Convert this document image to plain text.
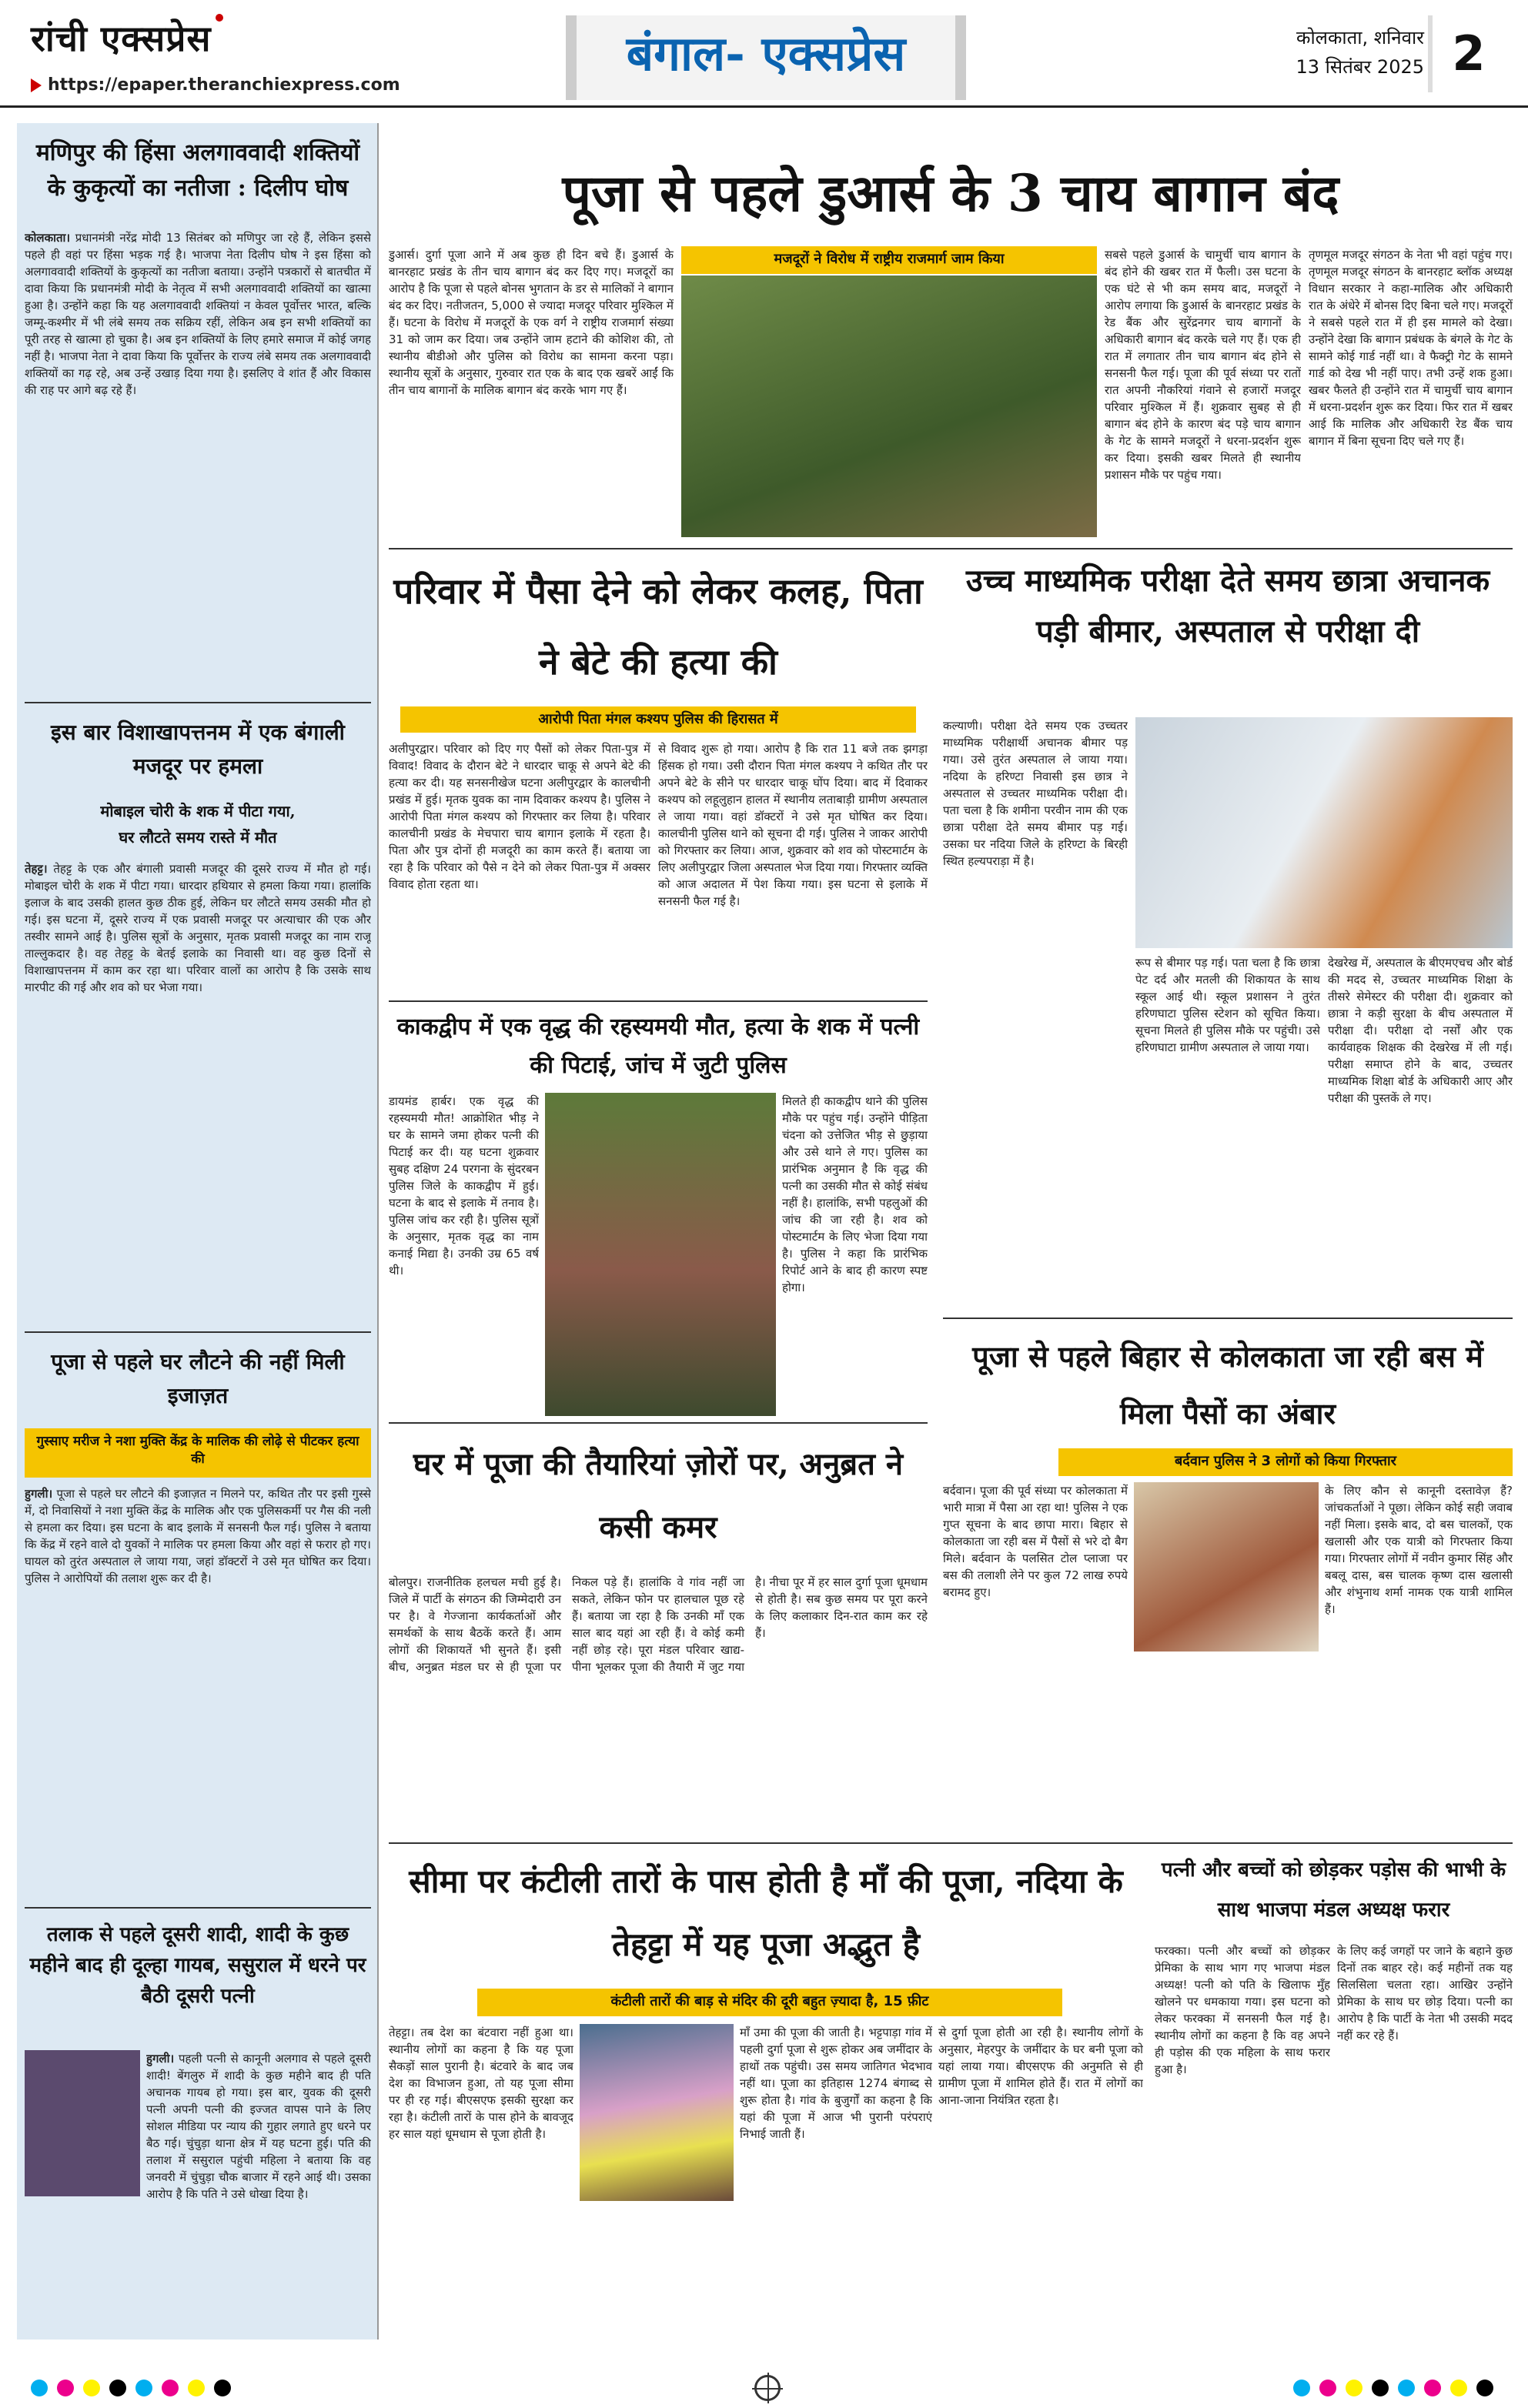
रांची एक्सप्रेस
https://epaper.theranchiexpress.com
बंगाल- एक्सप्रेस	कोलकाता, शनिवार
13 सितंबर 2025 2
मणिपुर की हिंसा अलगाववादी शक्तियों के कुकृत्यों का नतीजा : दिलीप घोष
कोलकाता। प्रधानमंत्री नरेंद्र मोदी 13 सितंबर को मणिपुर जा रहे हैं, लेकिन इससे पहले ही वहां पर हिंसा भड़क गई है। भाजपा नेता दिलीप घोष ने इस हिंसा को अलगाववादी शक्तियों के कुकृत्यों का नतीजा बताया। उन्होंने पत्रकारों से बातचीत में दावा किया कि प्रधानमंत्री मोदी के नेतृत्व में सभी अलगाववादी शक्तियों का खात्मा हुआ है। उन्होंने कहा कि यह अलगाववादी शक्तियां न केवल पूर्वोत्तर भारत, बल्कि जम्मू-कश्मीर में भी लंबे समय तक सक्रिय रहीं, लेकिन अब इन सभी शक्तियों का पूरी तरह से खात्मा हो चुका है। अब इन शक्तियों के लिए हमारे समाज में कोई जगह नहीं है। भाजपा नेता ने दावा किया कि पूर्वोत्तर के राज्य लंबे समय तक अलगाववादी शक्तियों का गढ़ रहे, अब उन्हें उखाड़ दिया गया है। इसलिए वे शांत हैं और विकास की राह पर आगे बढ़ रहे हैं।
इस बार विशाखापत्तनम में एक बंगाली मजदूर पर हमला
मोबाइल चोरी के शक में पीटा गया,
घर लौटते समय रास्ते में मौत
तेहट्ट। तेहट्ट के एक और बंगाली प्रवासी मजदूर की दूसरे राज्य में मौत हो गई। मोबाइल चोरी के शक में पीटा गया। धारदार हथियार से हमला किया गया। हालांकि इलाज के बाद उसकी हालत कुछ ठीक हुई, लेकिन घर लौटते समय उसकी मौत हो गई। इस घटना में, दूसरे राज्य में एक प्रवासी मजदूर पर अत्याचार की एक और तस्वीर सामने आई है। पुलिस सूत्रों के अनुसार, मृतक प्रवासी मजदूर का नाम राजू ताल्लुकदार है। वह तेहट्ट के बेतई इलाके का निवासी था। वह कुछ दिनों से विशाखापत्तनम में काम कर रहा था। परिवार वालों का आरोप है कि उसके साथ मारपीट की गई और शव को घर भेजा गया।
पूजा से पहले घर लौटने की नहीं मिली इजाज़त
गुस्साए मरीज ने नशा मुक्ति केंद्र के मालिक की लोढ़े से पीटकर हत्या की
हुगली। पूजा से पहले घर लौटने की इजाज़त न मिलने पर, कथित तौर पर इसी गुस्से में, दो निवासियों ने नशा मुक्ति केंद्र के मालिक और एक पुलिसकर्मी पर गैस की नली से हमला कर दिया। इस घटना के बाद इलाके में सनसनी फैल गई। पुलिस ने बताया कि केंद्र में रहने वाले दो युवकों ने मालिक पर हमला किया और वहां से फरार हो गए। घायल को तुरंत अस्पताल ले जाया गया, जहां डॉक्टरों ने उसे मृत घोषित कर दिया। पुलिस ने आरोपियों की तलाश शुरू कर दी है।
तलाक से पहले दूसरी शादी, शादी के कुछ महीने बाद ही दूल्हा गायब, ससुराल में धरने पर बैठी दूसरी पत्नी
हुगली। पहली पत्नी से कानूनी अलगाव से पहले दूसरी शादी! बेंगलुरु में शादी के कुछ महीने बाद ही पति अचानक गायब हो गया। इस बार, युवक की दूसरी पत्नी अपनी पत्नी की इज्जत वापस पाने के लिए सोशल मीडिया पर न्याय की गुहार लगाते हुए धरने पर बैठ गई। चुंचुड़ा थाना क्षेत्र में यह घटना हुई। पति की तलाश में ससुराल पहुंची महिला ने बताया कि वह जनवरी में चुंचुड़ा चौक बाजार में रहने आई थी। उसका आरोप है कि पति ने उसे धोखा दिया है।
पूजा से पहले डुआर्स के 3 चाय बागान बंद
मजदूरों ने विरोध में राष्ट्रीय राजमार्ग जाम किया
डुआर्स। दुर्गा पूजा आने में अब कुछ ही दिन बचे हैं। डुआर्स के बानरहाट प्रखंड के तीन चाय बागान बंद कर दिए गए। मजदूरों का आरोप है कि पूजा से पहले बोनस भुगतान के डर से मालिकों ने बागान बंद कर दिए। नतीजतन, 5,000 से ज्यादा मजदूर परिवार मुश्किल में हैं। घटना के विरोध में मजदूरों के एक वर्ग ने राष्ट्रीय राजमार्ग संख्या 31 को जाम कर दिया। जब उन्होंने जाम हटाने की कोशिश की, तो स्थानीय बीडीओ और पुलिस को विरोध का सामना करना पड़ा। स्थानीय सूत्रों के अनुसार, गुरुवार रात एक के बाद एक खबरें आईं कि तीन चाय बागानों के मालिक बागान बंद करके भाग गए हैं।
सबसे पहले डुआर्स के चामुर्ची चाय बागान के बंद होने की खबर रात में फैली। उस घटना के एक घंटे से भी कम समय बाद, मजदूरों ने आरोप लगाया कि डुआर्स के बानरहाट प्रखंड के रेड बैंक और सुरेंद्रनगर चाय बागानों के अधिकारी बागान बंद करके चले गए हैं। एक ही रात में लगातार तीन चाय बागान बंद होने से सनसनी फैल गई। पूजा की पूर्व संध्या पर रातों रात अपनी नौकरियां गंवाने से हजारों मजदूर परिवार मुश्किल में हैं। शुक्रवार सुबह से ही बागान बंद होने के कारण बंद पड़े चाय बागान के गेट के सामने मजदूरों ने धरना-प्रदर्शन शुरू कर दिया। इसकी खबर मिलते ही स्थानीय प्रशासन मौके पर पहुंच गया।
तृणमूल मजदूर संगठन के नेता भी वहां पहुंच गए। तृणमूल मजदूर संगठन के बानरहाट ब्लॉक अध्यक्ष विधान सरकार ने कहा-मालिक और अधिकारी रात के अंधेरे में बोनस दिए बिना चले गए। मजदूरों ने सबसे पहले रात में ही इस मामले को देखा। उन्होंने देखा कि बागान प्रबंधक के बंगले के गेट के सामने कोई गार्ड नहीं था। वे फैक्ट्री गेट के सामने गार्ड को देख भी नहीं पाए। तभी उन्हें शक हुआ। खबर फैलते ही उन्होंने रात में चामुर्ची चाय बागान में धरना-प्रदर्शन शुरू कर दिया। फिर रात में खबर आई कि मालिक और अधिकारी रेड बैंक चाय बागान में बिना सूचना दिए चले गए हैं।
परिवार में पैसा देने को लेकर कलह, पिता ने बेटे की हत्या की
आरोपी पिता मंगल कश्यप पुलिस की हिरासत में
अलीपुरद्वार। परिवार को दिए गए पैसों को लेकर पिता-पुत्र में विवाद! विवाद के दौरान बेटे ने धारदार चाकू से अपने बेटे की हत्या कर दी। यह सनसनीखेज घटना अलीपुरद्वार के कालचीनी प्रखंड में हुई। मृतक युवक का नाम दिवाकर कश्यप है। पुलिस ने आरोपी पिता मंगल कश्यप को गिरफ्तार कर लिया है। परिवार कालचीनी प्रखंड के मेचपारा चाय बागान इलाके में रहता है। पिता और पुत्र दोनों ही मजदूरी का काम करते हैं। बताया जा रहा है कि परिवार को पैसे न देने को लेकर पिता-पुत्र में अक्सर विवाद होता रहता था।
से विवाद शुरू हो गया। आरोप है कि रात 11 बजे तक झगड़ा हिंसक हो गया। उसी दौरान पिता मंगल कश्यप ने कथित तौर पर अपने बेटे के सीने पर धारदार चाकू घोंप दिया। बाद में दिवाकर कश्यप को लहूलुहान हालत में स्थानीय लताबाड़ी ग्रामीण अस्पताल ले जाया गया। वहां डॉक्टरों ने उसे मृत घोषित कर दिया। कालचीनी पुलिस थाने को सूचना दी गई। पुलिस ने जाकर आरोपी को गिरफ्तार कर लिया। आज, शुक्रवार को शव को पोस्टमार्टम के लिए अलीपुरद्वार जिला अस्पताल भेज दिया गया। गिरफ्तार व्यक्ति को आज अदालत में पेश किया गया। इस घटना से इलाके में सनसनी फैल गई है।
काकद्वीप में एक वृद्ध की रहस्यमयी मौत, हत्या के शक में पत्नी की पिटाई, जांच में जुटी पुलिस
डायमंड हार्बर। एक वृद्ध की रहस्यमयी मौत! आक्रोशित भीड़ ने घर के सामने जमा होकर पत्नी की पिटाई कर दी। यह घटना शुक्रवार सुबह दक्षिण 24 परगना के सुंदरबन पुलिस जिले के काकद्वीप में हुई। घटना के बाद से इलाके में तनाव है। पुलिस जांच कर रही है। पुलिस सूत्रों के अनुसार, मृतक वृद्ध का नाम कनाई मिद्या है। उनकी उम्र 65 वर्ष थी।
मिलते ही काकद्वीप थाने की पुलिस मौके पर पहुंच गई। उन्होंने पीड़िता चंदना को उत्तेजित भीड़ से छुड़ाया और उसे थाने ले गए। पुलिस का प्रारंभिक अनुमान है कि वृद्ध की पत्नी का उसकी मौत से कोई संबंध नहीं है। हालांकि, सभी पहलुओं की जांच की जा रही है। शव को पोस्टमार्टम के लिए भेजा दिया गया है। पुलिस ने कहा कि प्रारंभिक रिपोर्ट आने के बाद ही कारण स्पष्ट होगा।
उच्च माध्यमिक परीक्षा देते समय छात्रा अचानक पड़ी बीमार, अस्पताल से परीक्षा दी
कल्याणी। परीक्षा देते समय एक उच्चतर माध्यमिक परीक्षार्थी अचानक बीमार पड़ गया। उसे तुरंत अस्पताल ले जाया गया। नदिया के हरिण्टा निवासी इस छात्र ने अस्पताल से उच्चतर माध्यमिक परीक्षा दी। पता चला है कि शमीना परवीन नाम की एक छात्रा परीक्षा देते समय बीमार पड़ गई। उसका घर नदिया जिले के हरिण्टा के बिरही स्थित हल्यपराड़ा में है।
रूप से बीमार पड़ गई। पता चला है कि छात्रा पेट दर्द और मतली की शिकायत के साथ स्कूल आई थी। स्कूल प्रशासन ने तुरंत हरिणघाटा पुलिस स्टेशन को सूचित किया। सूचना मिलते ही पुलिस मौके पर पहुंची। उसे हरिणघाटा ग्रामीण अस्पताल ले जाया गया।
देखरेख में, अस्पताल के बीएमएचच और बोर्ड की मदद से, उच्चतर माध्यमिक शिक्षा के तीसरे सेमेस्टर की परीक्षा दी। शुक्रवार को छात्रा ने कड़ी सुरक्षा के बीच अस्पताल में परीक्षा दी। परीक्षा दो नर्सों और एक कार्यवाहक शिक्षक की देखरेख में ली गई। परीक्षा समाप्त होने के बाद, उच्चतर माध्यमिक शिक्षा बोर्ड के अधिकारी आए और परीक्षा की पुस्तकें ले गए।
घर में पूजा की तैयारियां ज़ोरों पर, अनुब्रत ने कसी कमर
बोलपुर। राजनीतिक हलचल मची हुई है। जिले में पार्टी के संगठन की जिम्मेदारी उन पर है। वे गेज्जाना कार्यकर्ताओं और समर्थकों के साथ बैठकें करते हैं। आम लोगों की शिकायतें भी सुनते हैं। इसी बीच, अनुब्रत मंडल घर से ही पूजा पर निकल पड़े हैं। हालांकि वे गांव नहीं जा सकते, लेकिन फोन पर हालचाल पूछ रहे हैं। बताया जा रहा है कि उनकी माँ एक साल बाद यहां आ रही हैं। वे कोई कमी नहीं छोड़ रहे। पूरा मंडल परिवार खाद्य-पीना भूलकर पूजा की तैयारी में जुट गया है। नीचा पूर में हर साल दुर्गा पूजा धूमधाम से होती है। सब कुछ समय पर पूरा करने के लिए कलाकार दिन-रात काम कर रहे हैं।
पूजा से पहले बिहार से कोलकाता जा रही बस में मिला पैसों का अंबार
बर्दवान पुलिस ने 3 लोगों को किया गिरफ्तार
बर्दवान। पूजा की पूर्व संध्या पर कोलकाता में भारी मात्रा में पैसा आ रहा था! पुलिस ने एक गुप्त सूचना के बाद छापा मारा। बिहार से कोलकाता जा रही बस में पैसों से भरे दो बैग मिले। बर्दवान के पलसित टोल प्लाजा पर बस की तलाशी लेने पर कुल 72 लाख रुपये बरामद हुए।
के लिए कौन से कानूनी दस्तावेज़ हैं? जांचकर्ताओं ने पूछा। लेकिन कोई सही जवाब नहीं मिला। इसके बाद, दो बस चालकों, एक खलासी और एक यात्री को गिरफ्तार किया गया। गिरफ्तार लोगों में नवीन कुमार सिंह और बबलू दास, बस चालक कृष्ण दास खलासी और शंभुनाथ शर्मा नामक एक यात्री शामिल हैं।
सीमा पर कंटीली तारों के पास होती है माँ की पूजा, नदिया के तेहट्टा में यह पूजा अद्भुत है
कंटीली तारों की बाड़ से मंदिर की दूरी बहुत ज़्यादा है, 15 फ़ीट
तेहट्टा। तब देश का बंटवारा नहीं हुआ था। स्थानीय लोगों का कहना है कि यह पूजा सैकड़ों साल पुरानी है। बंटवारे के बाद जब देश का विभाजन हुआ, तो यह पूजा सीमा पर ही रह गई। बीएसएफ इसकी सुरक्षा कर रहा है। कंटीली तारों के पास होने के बावजूद हर साल यहां धूमधाम से पूजा होती है।
माँ उमा की पूजा की जाती है। भट्टपाड़ा गांव में पहली दुर्गा पूजा से शुरू होकर अब जमींदार के हाथों तक पहुंची। उस समय जातिगत भेदभाव नहीं था। पूजा का इतिहास 1274 बंगाब्द से शुरू होता है। गांव के बुजुर्गों का कहना है कि यहां की पूजा में आज भी पुरानी परंपराएं निभाई जाती हैं।
से दुर्गा पूजा होती आ रही है। स्थानीय लोगों के अनुसार, मेहरपुर के जमींदार के घर बनी पूजा को यहां लाया गया। बीएसएफ की अनुमति से ही ग्रामीण पूजा में शामिल होते हैं। रात में लोगों का आना-जाना नियंत्रित रहता है।
पत्नी और बच्चों को छोड़कर पड़ोस की भाभी के साथ भाजपा मंडल अध्यक्ष फरार
फरक्का। पत्नी और बच्चों को छोड़कर प्रेमिका के साथ भाग गए भाजपा मंडल अध्यक्ष! पत्नी को पति के खिलाफ मुँह खोलने पर धमकाया गया। इस घटना को लेकर फरक्का में सनसनी फैल गई है। स्थानीय लोगों का कहना है कि वह अपने ही पड़ोस की एक महिला के साथ फरार हुआ है।
के लिए कई जगहों पर जाने के बहाने कुछ दिनों तक बाहर रहे। कई महीनों तक यह सिलसिला चलता रहा। आखिर उन्होंने प्रेमिका के साथ घर छोड़ दिया। पत्नी का आरोप है कि पार्टी के नेता भी उसकी मदद नहीं कर रहे हैं।
